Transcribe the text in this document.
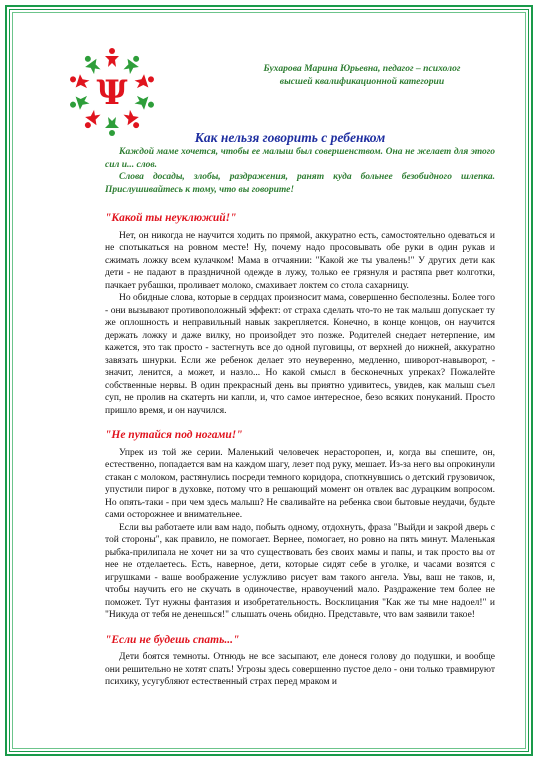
Ψ
Бухарова Марина Юрьевна, педагог – психолог
высшей квалификационной категории
Как нельзя говорить с ребенком

Каждой маме хочется, чтобы ее малыш был совершенством. Она не желает для этого сил и... слов.

Слова досады, злобы, раздражения, ранят куда больнее безобидного шлепка. Прислушивайтесь к тому, что вы говорите!

"Какой ты неуклюжий!"

Нет, он никогда не научится ходить по прямой, аккуратно есть, самостоятельно одеваться и не спотыкаться на ровном месте! Ну, почему надо просовывать обе руки в один рукав и сжимать ложку всем кулачком! Мама в отчаянии: "Какой же ты увалень!" У других дети как дети - не падают в праздничной одежде в лужу, только ее грязнуля и растяпа рвет колготки, пачкает рубашки, проливает молоко, смахивает локтем со стола сахарницу.

Но обидные слова, которые в сердцах произносит мама, совершенно бесполезны. Более того - они вызывают противоположный эффект: от страха сделать что-то не так малыш допускает ту же оплошность и неправильный навык закрепляется. Конечно, в конце концов, он научится держать ложку и даже вилку, но произойдет это позже. Родителей снедает нетерпение, им кажется, это так просто - застегнуть все до одной пуговицы, от верхней до нижней, аккуратно завязать шнурки. Если же ребенок делает это неуверенно, медленно, шиворот-навыворот, - значит, ленится, а может, и назло... Но какой смысл в бесконечных упреках? Пожалейте собственные нервы. В один прекрасный день вы приятно удивитесь, увидев, как малыш съел суп, не пролив на скатерть ни капли, и, что самое интересное, безо всяких понуканий. Просто пришло время, и он научился.

"Не путайся под ногами!"

Упрек из той же серии. Маленький человечек нерасторопен, и, когда вы спешите, он, естественно, попадается вам на каждом шагу, лезет под руку, мешает. Из-за него вы опрокинули стакан с молоком, растянулись посреди темного коридора, споткнувшись о детский грузовичок, упустили пирог в духовке, потому что в решающий момент он отвлек вас дурацким вопросом. Но опять-таки - при чем здесь малыш? Не сваливайте на ребенка свои бытовые неудачи, будьте сами осторожнее и внимательнее.

Если вы работаете или вам надо, побыть одному, отдохнуть, фраза "Выйди и закрой дверь с той стороны", как правило, не помогает. Вернее, помогает, но ровно на пять минут. Маленькая рыбка-прилипала не хочет ни за что существовать без своих мамы и папы, и так просто вы от нее не отделаетесь. Есть, наверное, дети, которые сидят себе в уголке, и часами возятся с игрушками - ваше воображение услужливо рисует вам такого ангела. Увы, ваш не таков, и, чтобы научить его не скучать в одиночестве, нравоучений мало. Раздражение тем более не поможет. Тут нужны фантазия и изобретательность. Восклицания "Как же ты мне надоел!" и "Никуда от тебя не денешься!" слышать очень обидно. Представьте, что вам заявили такое!

"Если не будешь спать..."

Дети боятся темноты. Отнюдь не все засыпают, еле донеся голову до подушки, и вообще они решительно не хотят спать! Угрозы здесь совершенно пустое дело - они только травмируют психику, усугубляют естественный страх перед мраком и
